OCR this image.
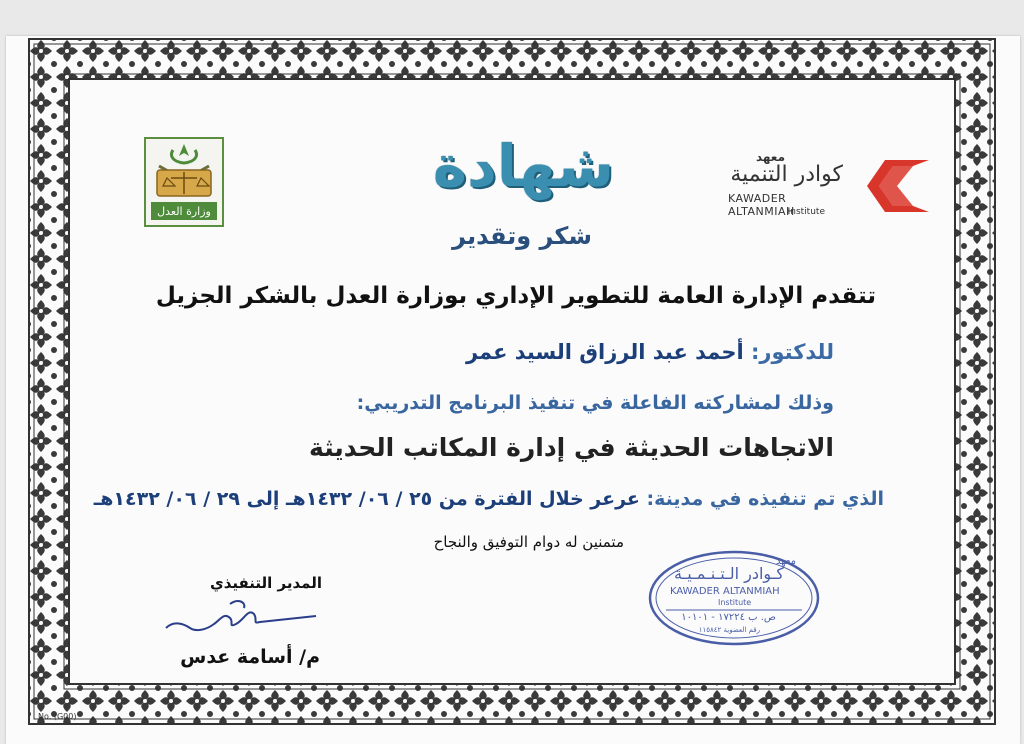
وزارة العدل
معهد
كوادر التنمية
KAWADER ALTANMIAH
Institute
شهادة
شكر وتقدير
تتقدم الإدارة العامة للتطوير الإداري بوزارة العدل بالشكر الجزيل
للدكتور: أحمد عبد الرزاق السيد عمر
وذلك لمشاركته الفاعلة في تنفيذ البرنامج التدريبي:
الاتجاهات الحديثة في إدارة المكاتب الحديثة
الذي تم تنفيذه في مدينة: عرعر خلال الفترة من ٢٥ / ٠٦/ ١٤٣٢هـ إلى ٢٩ / ٠٦/ ١٤٣٢هـ
متمنين له دوام التوفيق والنجاح
المدير التنفيذي
م/ أسامة عدس
معهد
كـوادر الـتـنـمـيـة
KAWADER ALTANMIAH
Institute
ص. ب ١٧٢٢٤ - ١٠١٠١
رقم العضوية ١١٥٨٤٢
No. (G00)
